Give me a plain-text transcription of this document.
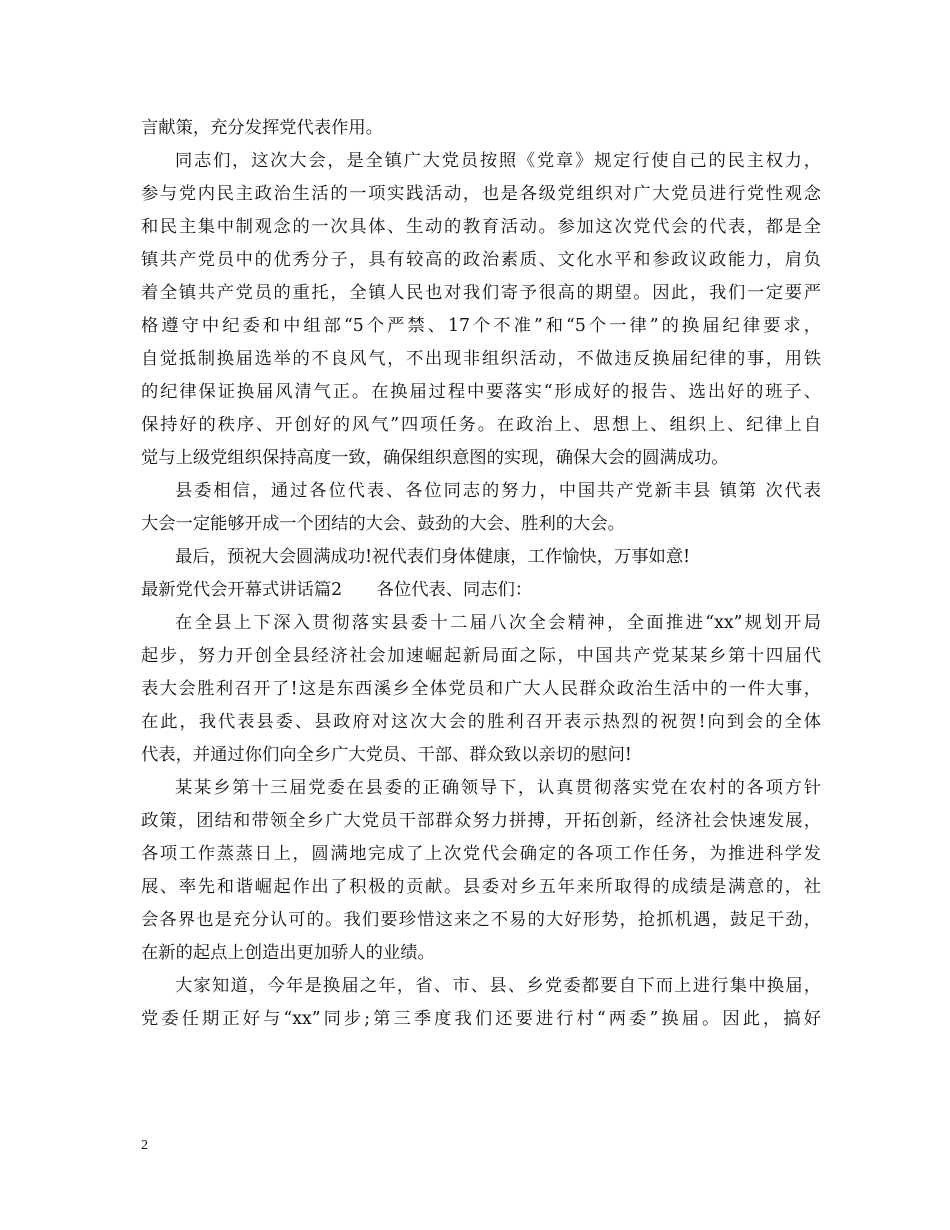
言献策，充分发挥党代表作用。

同志们，这次大会，是全镇广大党员按照《党章》规定行使自己的民主权力，

参与党内民主政治生活的一项实践活动，也是各级党组织对广大党员进行党性观念

和民主集中制观念的一次具体、生动的教育活动。参加这次党代会的代表，都是全

镇共产党员中的优秀分子，具有较高的政治素质、文化水平和参政议政能力，肩负

着全镇共产党员的重托，全镇人民也对我们寄予很高的期望。因此，我们一定要严

格遵守中纪委和中组部“5个严禁、17个不准”和“5个一律”的换届纪律要求，

自觉抵制换届选举的不良风气，不出现非组织活动，不做违反换届纪律的事，用铁

的纪律保证换届风清气正。在换届过程中要落实“形成好的报告、选出好的班子、

保持好的秩序、开创好的风气”四项任务。在政治上、思想上、组织上、纪律上自

觉与上级党组织保持高度一致，确保组织意图的实现，确保大会的圆满成功。

县委相信，通过各位代表、各位同志的努力，中国共产党新丰县 镇第 次代表

大会一定能够开成一个团结的大会、鼓劲的大会、胜利的大会。

最后，预祝大会圆满成功!祝代表们身体健康，工作愉快，万事如意!

最新党代会开幕式讲话篇2　　各位代表、同志们：

在全县上下深入贯彻落实县委十二届八次全会精神，全面推进“xx”规划开局

起步，努力开创全县经济社会加速崛起新局面之际，中国共产党某某乡第十四届代

表大会胜利召开了!这是东西溪乡全体党员和广大人民群众政治生活中的一件大事，

在此，我代表县委、县政府对这次大会的胜利召开表示热烈的祝贺!向到会的全体

代表，并通过你们向全乡广大党员、干部、群众致以亲切的慰问!

某某乡第十三届党委在县委的正确领导下，认真贯彻落实党在农村的各项方针

政策，团结和带领全乡广大党员干部群众努力拼搏，开拓创新，经济社会快速发展，

各项工作蒸蒸日上，圆满地完成了上次党代会确定的各项工作任务，为推进科学发

展、率先和谐崛起作出了积极的贡献。县委对乡五年来所取得的成绩是满意的，社

会各界也是充分认可的。我们要珍惜这来之不易的大好形势，抢抓机遇，鼓足干劲，

在新的起点上创造出更加骄人的业绩。

大家知道，今年是换届之年，省、市、县、乡党委都要自下而上进行集中换届，

党委任期正好与“xx”同步;第三季度我们还要进行村“两委”换届。因此，搞好

2
